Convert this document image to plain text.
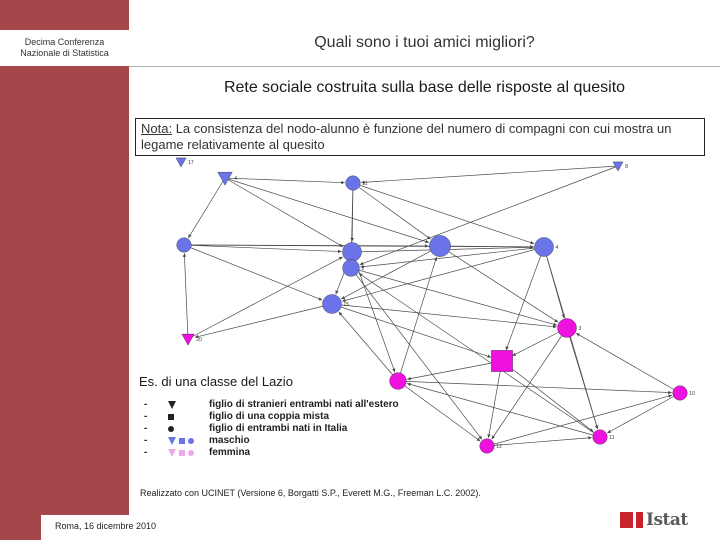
Decima Conferenza
Nazionale di Statistica
Quali sono i tuoi amici migliori?
Rete sociale costruita sulla base delle risposte al quesito
Nota: La consistenza del nodo-alunno è funzione del numero di compagni con cui mostra un legame relativamente al quesito
17
4
11
8
4
2
15
20
3
10
12
11
Es. di una classe del Lazio
-	figlio di stranieri entrambi nati all'estero
-	figlio di una coppia mista
-	figlio di entrambi nati in Italia
-	maschio
-	femmina
Realizzato con UCINET (Versione 6, Borgatti S.P., Everett M.G., Freeman L.C. 2002).
Roma, 16 dicembre 2010	Istat
